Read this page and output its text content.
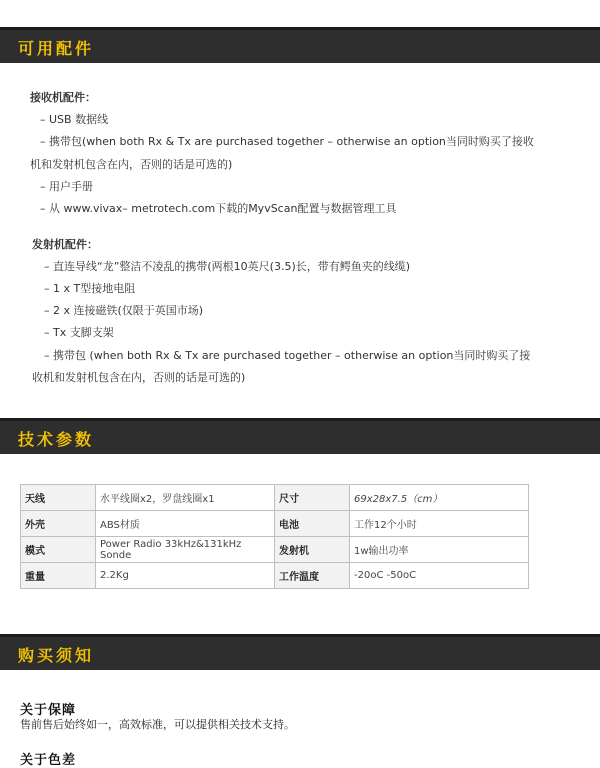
可用配件
接收机配件：
– USB 数据线
– 携带包(when both Rx & Tx are purchased together – otherwise an option当同时购买了接收
机和发射机包含在内，否则的话是可选的)
– 用户手册
– 从 www.vivax– metrotech.com下载的MyvScan配置与数据管理工具
发射机配件：
– 直连导线“龙”整洁不凌乱的携带(两根10英尺(3.5)长，带有鳄鱼夹的线缆)
– 1 x T型接地电阻
– 2 x 连接磁铁(仅限于英国市场)
– Tx 支脚支架
– 携带包 (when both Rx & Tx are purchased together – otherwise an option当同时购买了接
收机和发射机包含在内，否则的话是可选的)
技术参数
天线	水平线圈x2，罗盘线圈x1	尺寸	69x28x7.5（cm）
外壳	ABS材质	电池	工作12个小时
模式	Power Radio 33kHz&131kHz Sonde	发射机	1w输出功率
重量	2.2Kg	工作温度	-20oC -50oC
购买须知
关于保障
售前售后始终如一，高效标准，可以提供相关技术支持。
关于色差
